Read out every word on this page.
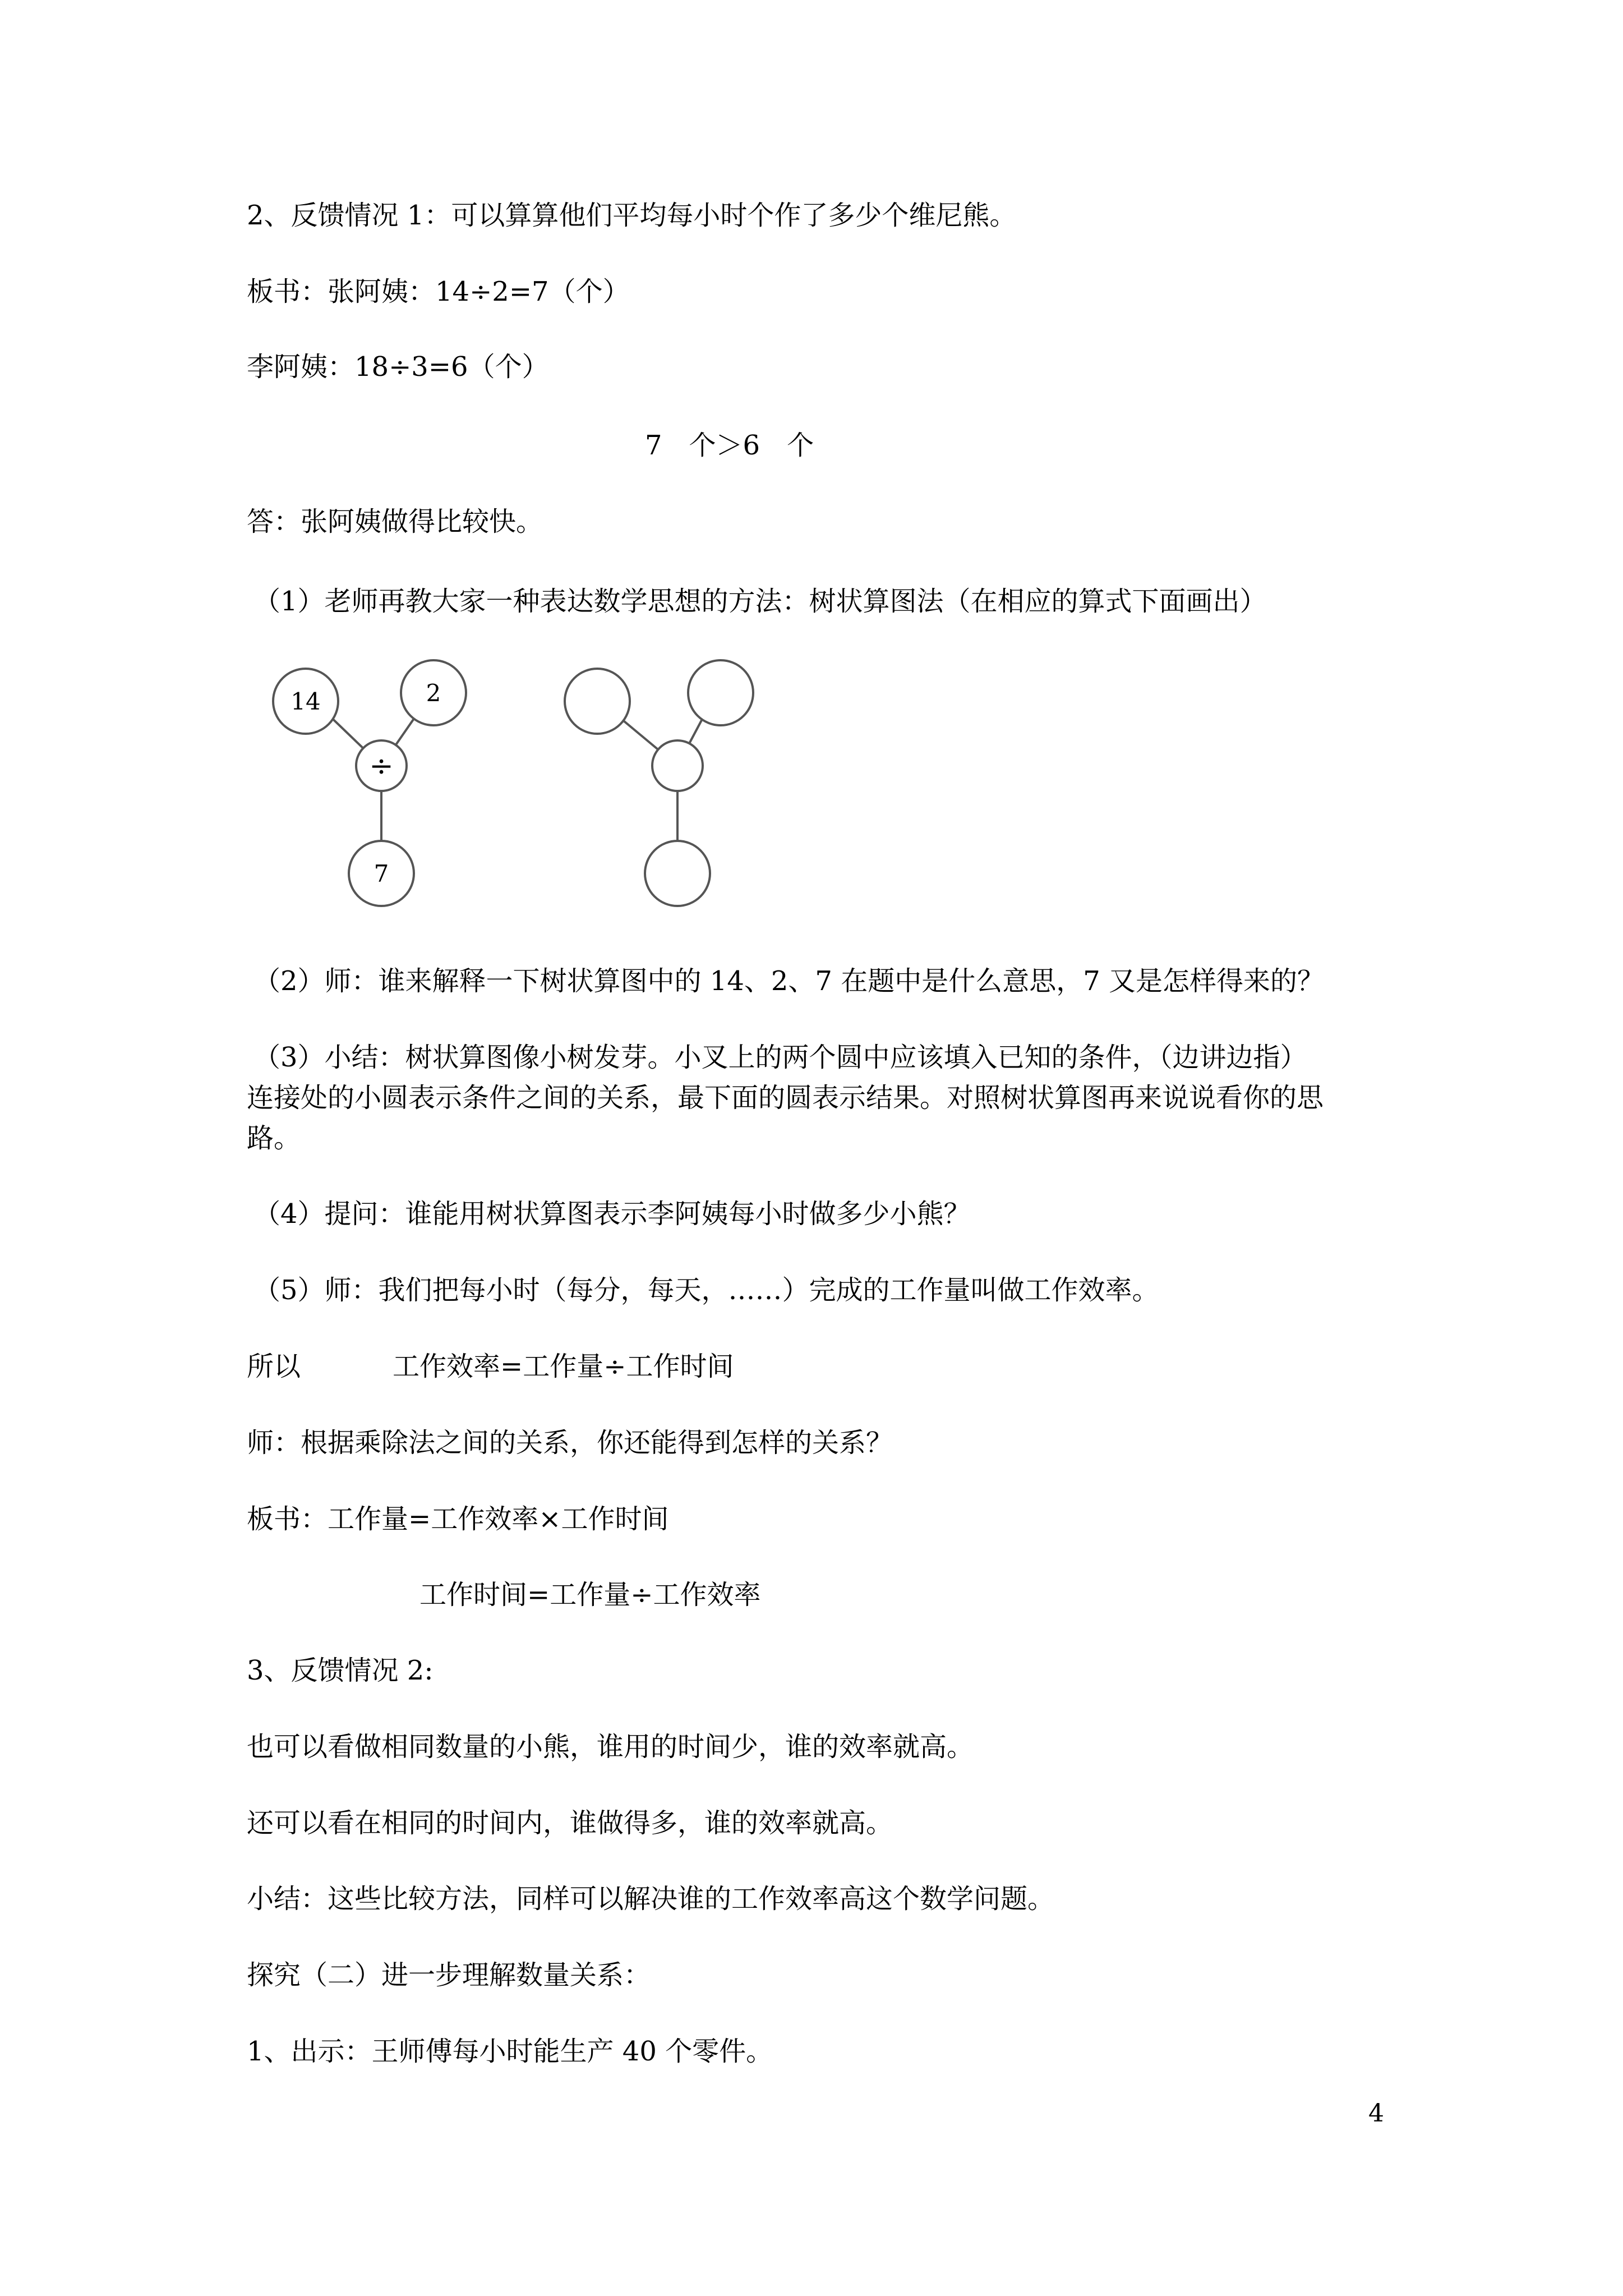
2、反馈情况 1：可以算算他们平均每小时个作了多少个维尼熊。
板书：张阿姨：14÷2=7（个）
李阿姨：18÷3=6（个）
7　个＞6　个
答：张阿姨做得比较快。
（1）老师再教大家一种表达数学思想的方法：树状算图法（在相应的算式下面画出）
14	2
÷
7
（2）师：谁来解释一下树状算图中的 14、2、7 在题中是什么意思，7 又是怎样得来的？
（3）小结：树状算图像小树发芽。小叉上的两个圆中应该填入已知的条件，（边讲边指）
连接处的小圆表示条件之间的关系，最下面的圆表示结果。对照树状算图再来说说看你的思
路。
（4）提问：谁能用树状算图表示李阿姨每小时做多少小熊？
（5）师：我们把每小时（每分，每天，……）完成的工作量叫做工作效率。
所以	工作效率=工作量÷工作时间
师：根据乘除法之间的关系，你还能得到怎样的关系？
板书：工作量=工作效率×工作时间
工作时间=工作量÷工作效率
3、反馈情况 2:
也可以看做相同数量的小熊，谁用的时间少，谁的效率就高。
还可以看在相同的时间内，谁做得多，谁的效率就高。
小结：这些比较方法，同样可以解决谁的工作效率高这个数学问题。
探究（二）进一步理解数量关系：
1、出示：王师傅每小时能生产 40 个零件。
4
